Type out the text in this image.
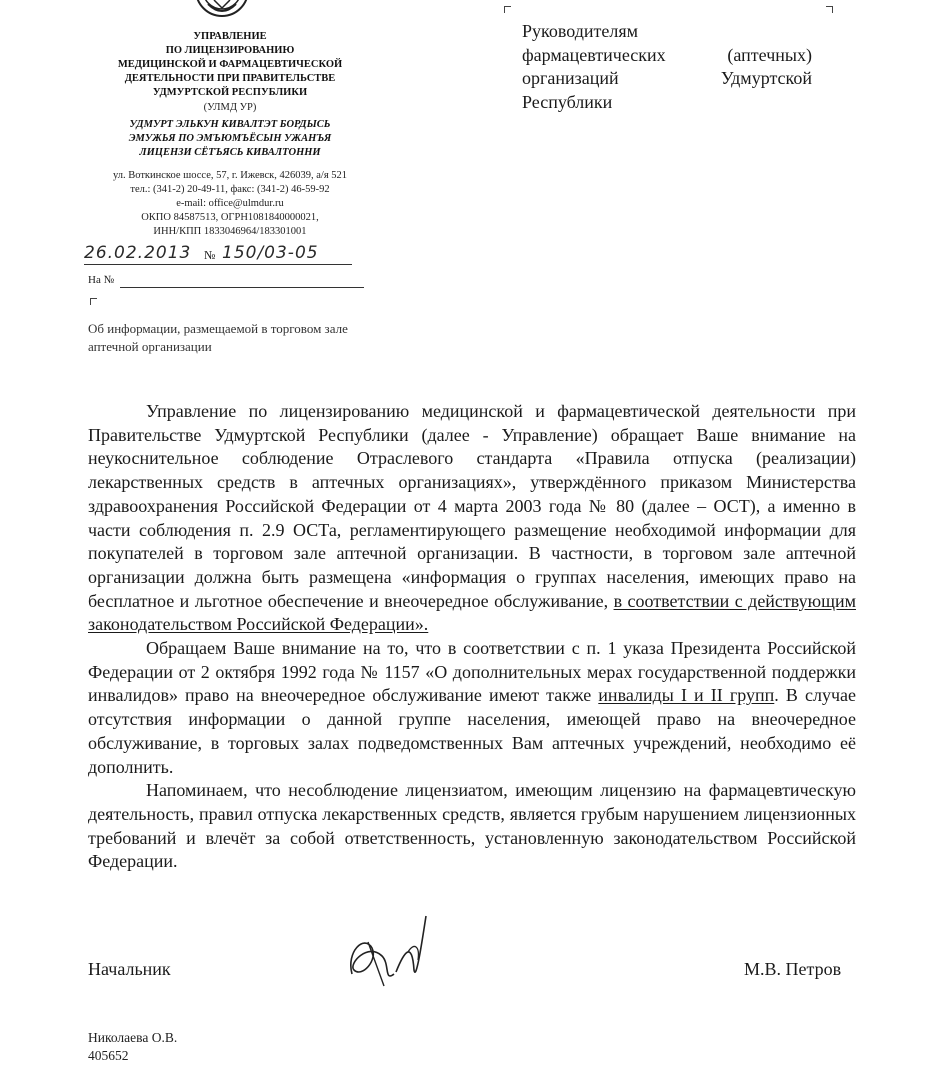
УПРАВЛЕНИЕ
ПО ЛИЦЕНЗИРОВАНИЮ
МЕДИЦИНСКОЙ И ФАРМАЦЕВТИЧЕСКОЙ
ДЕЯТЕЛЬНОСТИ ПРИ ПРАВИТЕЛЬСТВЕ
УДМУРТСКОЙ РЕСПУБЛИКИ
(УЛМД УР)
УДМУРТ ЭЛЬКУН КИВАЛТЭТ БОРДЫСЬ
ЭМУЖЬЯ ПО ЭМЪЮМЪЁСЫН УЖАНЪЯ
ЛИЦЕНЗИ СЁТЪЯСЬ КИВАЛТОННИ
ул. Воткинское шоссе, 57, г. Ижевск, 426039, а/я 521
тел.: (341-2) 20-49-11, факс: (341-2) 46-59-92
e-mail: office@ulmdur.ru
ОКПО 84587513, ОГРН1081840000021,
ИНН/КПП 1833046964/183301001
26.02.2013 № 150/03-05
На №
Об информации, размещаемой в торговом зале аптечной организации
Руководителям
фармацевтических (аптечных)
организаций Удмуртской
Республики

Управление по лицензированию медицинской и фармацевтической деятельности при Правительстве Удмуртской Республики (далее - Управление) обращает Ваше внимание на неукоснительное соблюдение Отраслевого стандарта «Правила отпуска (реализации) лекарственных средств в аптечных организациях», утверждённого приказом Министерства здравоохранения Российской Федерации от 4 марта 2003 года № 80 (далее – ОСТ), а именно в части соблюдения п. 2.9 ОСТа, регламентирующего размещение необходимой информации для покупателей в торговом зале аптечной организации. В частности, в торговом зале аптечной организации должна быть размещена «информация о группах населения, имеющих право на бесплатное и льготное обеспечение и внеочередное обслуживание, в соответствии с действующим законодательством Российской Федерации».

Обращаем Ваше внимание на то, что в соответствии с п. 1 указа Президента Российской Федерации от 2 октября 1992 года № 1157 «О дополнительных мерах государственной поддержки инвалидов» право на внеочередное обслуживание имеют также инвалиды I и II групп. В случае отсутствия информации о данной группе населения, имеющей право на внеочередное обслуживание, в торговых залах подведомственных Вам аптечных учреждений, необходимо её дополнить.

Напоминаем, что несоблюдение лицензиатом, имеющим лицензию на фармацевтическую деятельность, правил отпуска лекарственных средств, является грубым нарушением лицензионных требований и влечёт за собой ответственность, установленную законодательством Российской Федерации.

Начальник	М.В. Петров
Николаева О.В.
405652
